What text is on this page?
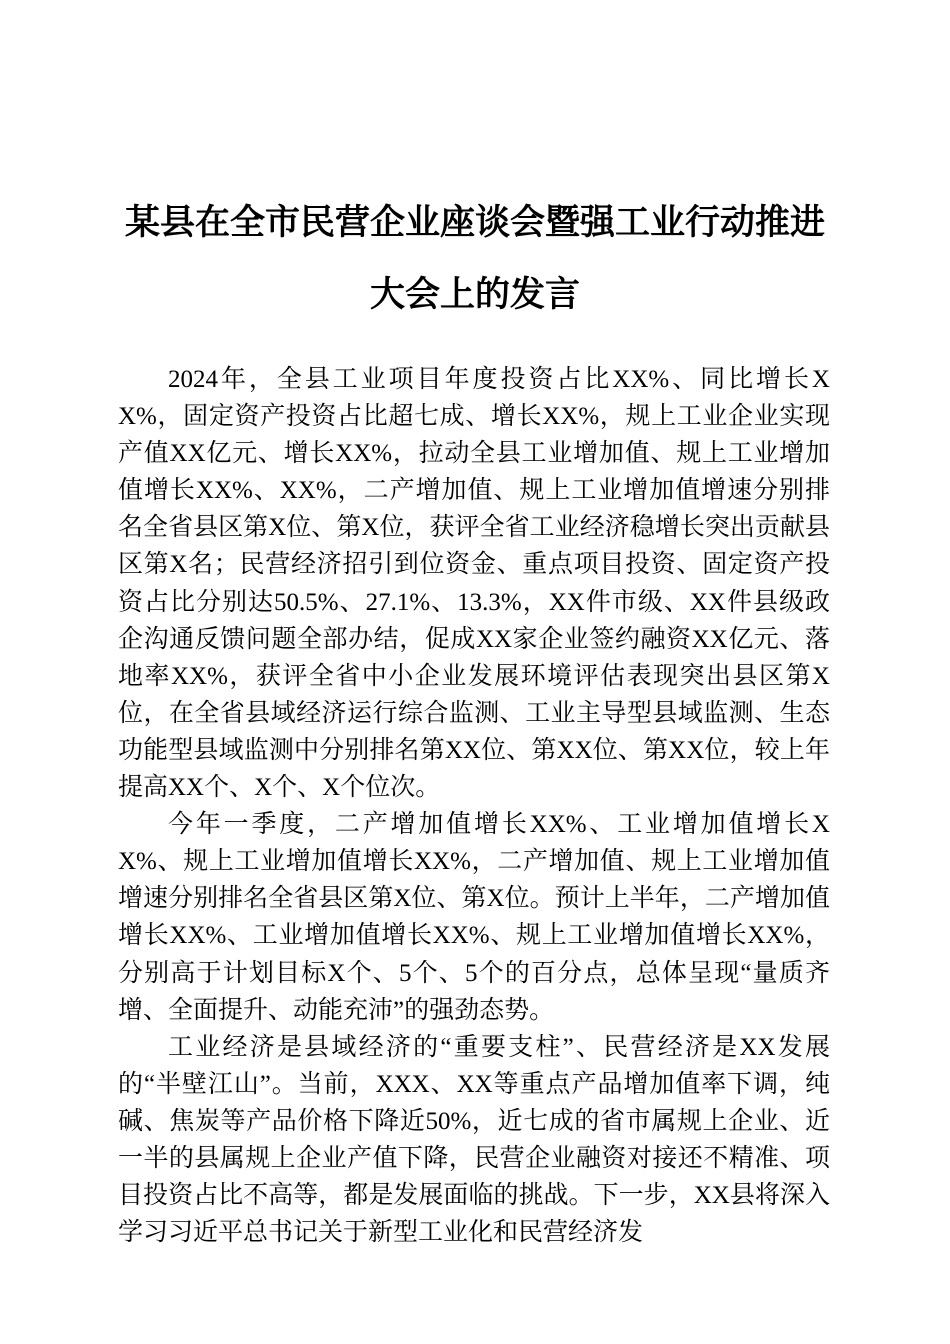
某县在全市民营企业座谈会暨强工业行动推进
大会上的发言

2024年，全县工业项目年度投资占比XX%、同比增长XX%，固定资产投资占比超七成、增长XX%，规上工业企业实现产值XX亿元、增长XX%，拉动全县工业增加值、规上工业增加值增长XX%、XX%，二产增加值、规上工业增加值增速分别排名全省县区第X位、第X位，获评全省工业经济稳增长突出贡献县区第X名；民营经济招引到位资金、重点项目投资、固定资产投资占比分别达50.5%、27.1%、13.3%，XX件市级、XX件县级政企沟通反馈问题全部办结，促成XX家企业签约融资XX亿元、落地率XX%，获评全省中小企业发展环境评估表现突出县区第X位，在全省县域经济运行综合监测、工业主导型县域监测、生态功能型县域监测中分别排名第XX位、第XX位、第XX位，较上年提高XX个、X个、X个位次。

今年一季度，二产增加值增长XX%、工业增加值增长XX%、规上工业增加值增长XX%，二产增加值、规上工业增加值增速分别排名全省县区第X位、第X位。预计上半年，二产增加值增长XX%、工业增加值增长XX%、规上工业增加值增长XX%，分别高于计划目标X个、5个、5个的百分点，总体呈现“量质齐增、全面提升、动能充沛”的强劲态势。

工业经济是县域经济的“重要支柱”、民营经济是XX发展的“半壁江山”。当前，XXX、XX等重点产品增加值率下调，纯碱、焦炭等产品价格下降近50%，近七成的省市属规上企业、近一半的县属规上企业产值下降，民营企业融资对接还不精准、项目投资占比不高等，都是发展面临的挑战。下一步，XX县将深入学习习近平总书记关于新型工业化和民营经济发
